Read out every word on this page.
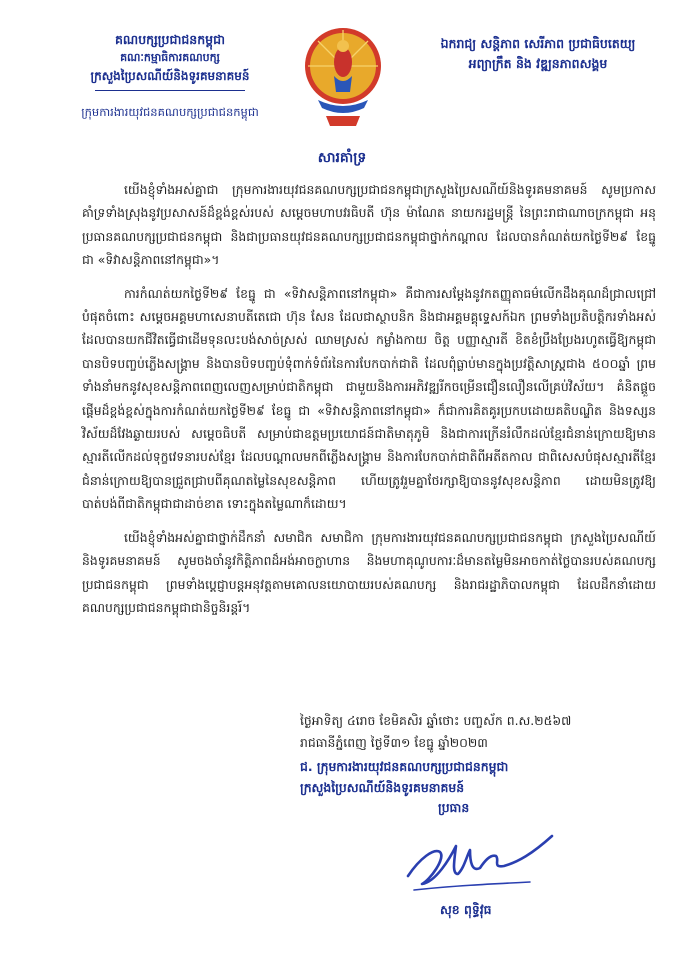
គណបក្សប្រជាជនកម្ពុជា
គណៈកម្មាធិការគណបក្ស
ក្រសួងប្រៃសណីយ៍និងទូរគមនាគមន៍
ក្រុមការងារយុវជនគណបក្សប្រជាជនកម្ពុជា
ឯករាជ្យ សន្តិភាព សេរីភាព ប្រជាធិបតេយ្យ
អព្យាក្រឹត និង វឌ្ឍនភាពសង្គម
សារគាំទ្រ

យើងខ្ញុំទាំងអស់គ្នាជា ក្រុមការងារយុវជនគណបក្សប្រជាជនកម្ពុជាក្រសួងប្រៃសណីយ៍និងទូរគមនាគមន៍ សូមប្រកាសគាំទ្រទាំងស្រុងនូវប្រសាសន៍ដ៏ខ្ពង់ខ្ពស់របស់ សម្តេចមហាបវរធិបតី ហ៊ុន ម៉ាណែត នាយករដ្ឋមន្ត្រី នៃព្រះរាជាណាចក្រកម្ពុជា អនុប្រធានគណបក្សប្រជាជនកម្ពុជា និងជាប្រធានយុវជនគណបក្សប្រជាជនកម្ពុជាថ្នាក់កណ្តាល ដែលបានកំណត់យកថ្ងៃទី២៩ ខែធ្នូ ជា «ទិវាសន្តិភាពនៅកម្ពុជា»។

ការកំណត់យកថ្ងៃទី២៩ ខែធ្នូ ជា «ទិវាសន្តិភាពនៅកម្ពុជា» គឺជាការសម្តែងនូវកតញ្ញុតាធម៌លើកដឹងគុណដ៏ជ្រាលជ្រៅបំផុតចំពោះ សម្តេចអគ្គមហាសេនាបតីតេជោ ហ៊ុន សែន ដែលជាស្ថាបនិក និងជាអគ្គមគ្គុទ្ទេសក៍ឯក ព្រមទាំងប្រតិបត្តិករទាំងអស់ ដែលបានយកជីវិតធ្វើជាដើមទុនលះបង់សាច់ស្រស់ ឈាមស្រស់ កម្លាំងកាយ ចិត្ត បញ្ញាស្មារតី ខិតខំប្រឹងប្រែងរហូតធ្វើឱ្យកម្ពុជាបានបិទបញ្ចប់ភ្លើងសង្គ្រាម និងបានបិទបញ្ចប់ទុំពាក់ទំព័រនៃការបែកបាក់ជាតិ ដែលពុំធ្លាប់មានក្នុងប្រវត្តិសាស្ត្រជាង ៥០០ឆ្នាំ ព្រមទាំងនាំមកនូវសុខសន្តិភាពពេញលេញសម្រាប់ជាតិកម្ពុជា ជាមួយនិងការអភិវឌ្ឍរីកចម្រើនជឿនលឿនលើគ្រប់វិស័យ។ គំនិតផ្តួចផ្តើមដ៏ខ្ពង់ខ្ពស់ក្នុងការកំណត់យកថ្ងៃទី២៩ ខែធ្នូ ជា «ទិវាសន្តិភាពនៅកម្ពុជា» ក៏ជាការគិតគូរប្រកបដោយគតិបណ្ឌិត និងទស្សនវិស័យដ៏វែងឆ្ងាយរបស់ សម្តេចធិបតី សម្រាប់ជាឧត្តមប្រយោជន៍ជាតិមាតុភូមិ និងជាការក្រើនរំលឹកដល់ខ្មែរជំនាន់ក្រោយឱ្យមានស្មារតីលើកដល់ទុក្ខវេទនារបស់ខ្មែរ ដែលបណ្តាលមកពីភ្លើងសង្គ្រាម និងការបែកបាក់ជាតិពីអតីតកាល ជាពិសេសបំផុសស្មារតីខ្មែរជំនាន់ក្រោយឱ្យបានជ្រួតជ្រាបពីគុណតម្លៃនៃសុខសន្តិភាព ហើយត្រូវរួមគ្នាថែរក្សាឱ្យបាននូវសុខសន្តិភាព ដោយមិនត្រូវឱ្យបាត់បង់ពីជាតិកម្ពុជាជាដាច់ខាត ទោះក្នុងតម្លៃណាក៏ដោយ។

យើងខ្ញុំទាំងអស់គ្នាជាថ្នាក់ដឹកនាំ សមាជិក សមាជិកា ក្រុមការងារយុវជនគណបក្សប្រជាជនកម្ពុជា ក្រសួងប្រៃសណីយ៍និងទូរគមនាគមន៍ សូមចងចាំនូវកិត្តិភាពដ៏អង់អាចក្លាហាន និងមហាគុណូបការៈដ៏មានតម្លៃមិនអាចកាត់ថ្លៃបានរបស់គណបក្សប្រជាជនកម្ពុជា ព្រមទាំងប្តេជ្ញាបន្តអនុវត្តតាមគោលនយោបាយរបស់គណបក្ស និងរាជរដ្ឋាភិបាលកម្ពុជា ដែលដឹកនាំដោយគណបក្សប្រជាជនកម្ពុជាជានិច្ចនិរន្តរ៍។

ថ្ងៃអាទិត្យ ៤រោច ខែមិគសិរ ឆ្នាំថោះ បញ្ចស័ក ព.ស.២៥៦៧
រាជធានីភ្នំពេញ ថ្ងៃទី៣១ ខែធ្នូ ឆ្នាំ២០២៣
ជ. ក្រុមការងារយុវជនគណបក្សប្រជាជនកម្ពុជា
ក្រសួងប្រៃសណីយ៍និងទូរគមនាគមន៍
ប្រធាន
សុខ ពុទ្ធិវុធ
